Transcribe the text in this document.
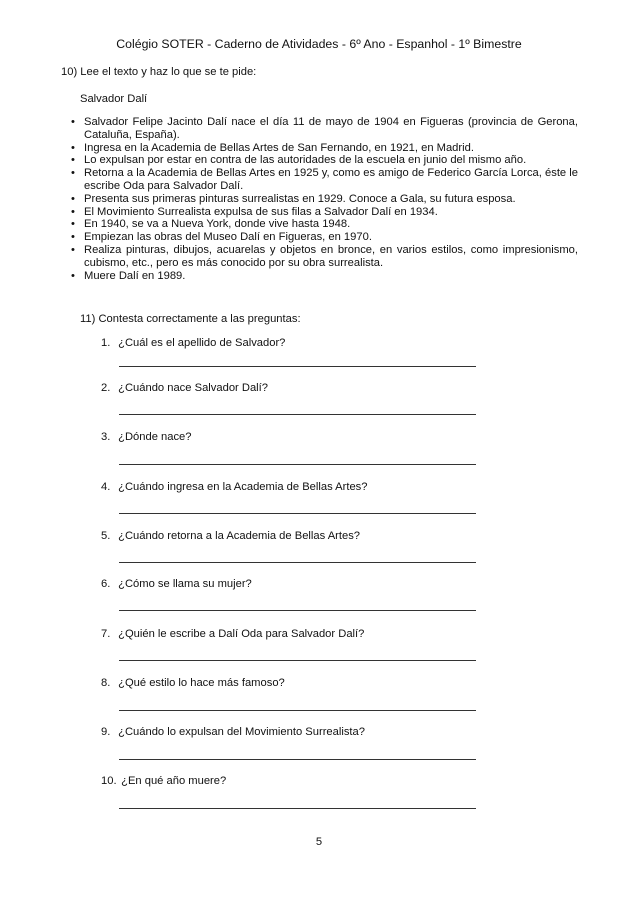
Colégio SOTER - Caderno de Atividades - 6º Ano - Espanhol - 1º Bimestre
10) Lee el texto y haz lo que se te pide:
Salvador Dalí
• Salvador Felipe Jacinto Dalí nace el día 11 de mayo de 1904 en Figueras (provincia de Gerona, Cataluña, España).
• Ingresa en la Academia de Bellas Artes de San Fernando, en 1921, en Madrid.
• Lo expulsan por estar en contra de las autoridades de la escuela en junio del mismo año.
• Retorna a la Academia de Bellas Artes en 1925 y, como es amigo de Federico García Lorca, éste le escribe Oda para Salvador Dalí.
• Presenta sus primeras pinturas surrealistas en 1929. Conoce a Gala, su futura esposa.
• El Movimiento Surrealista expulsa de sus filas a Salvador Dalí en 1934.
• En 1940, se va a Nueva York, donde vive hasta 1948.
• Empiezan las obras del Museo Dalí en Figueras, en 1970.
• Realiza pinturas, dibujos, acuarelas y objetos en bronce, en varios estilos, como impresionismo, cubismo, etc., pero es más conocido por su obra surrealista.
• Muere Dalí en 1989.
11) Contesta correctamente a las preguntas:
1. ¿Cuál es el apellido de Salvador?
2. ¿Cuándo nace Salvador Dalí?
3. ¿Dónde nace?
4. ¿Cuándo ingresa en la Academia de Bellas Artes?
5. ¿Cuándo retorna a la Academia de Bellas Artes?
6. ¿Cómo se llama su mujer?
7. ¿Quién le escribe a Dalí Oda para Salvador Dalí?
8. ¿Qué estilo lo hace más famoso?
9. ¿Cuándo lo expulsan del Movimiento Surrealista?
10. ¿En qué año muere?
5
